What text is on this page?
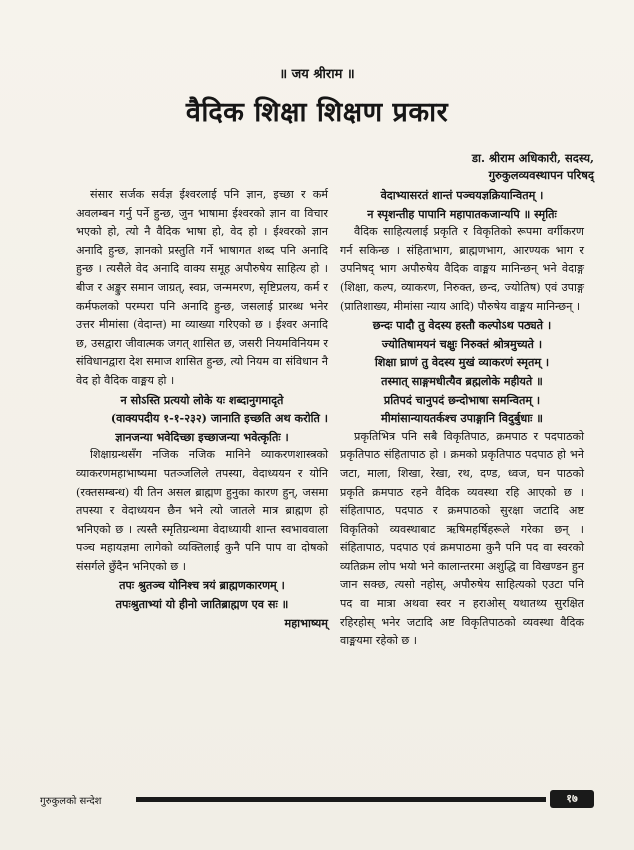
॥ जय श्रीराम ॥
वैदिक शिक्षा शिक्षण प्रकार
डा. श्रीराम अधिकारी, सदस्य,
गुरुकुलव्यवस्थापन परिषद्

संसार सर्जक सर्वज्ञ ईश्वरलाई पनि ज्ञान, इच्छा र कर्म अवलम्बन गर्नु पर्ने हुन्छ, जुन भाषामा ईश्वरको ज्ञान वा विचार भएको हो, त्यो नै वैदिक भाषा हो, वेद हो । ईश्वरको ज्ञान अनादि हुन्छ, ज्ञानको प्रस्तुति गर्ने भाषागत शब्द पनि अनादि हुन्छ । त्यसैले वेद अनादि वाक्य समूह अपौरुषेय साहित्य हो । बीज र अङ्कुर समान जाग्रत्, स्वप्न, जन्ममरण, सृष्टिप्रलय, कर्म र कर्मफलको परम्परा पनि अनादि हुन्छ, जसलाई प्रारब्ध भनेर उत्तर मीमांसा (वेदान्त) मा व्याख्या गरिएको छ । ईश्वर अनादि छ, उसद्वारा जीवात्मक जगत् शासित छ, जसरी नियमविनियम र संविधानद्वारा देश समाज शासित हुन्छ, त्यो नियम वा संविधान नै वेद हो वैदिक वाङ्मय हो ।

न सोऽस्ति प्रत्ययो लोके यः शब्दानुगमादृते

(वाक्यपदीय १-१-२३२) जानाति इच्छति अथ करोति ।

ज्ञानजन्या भवेदिच्छा इच्छाजन्या भवेत्कृतिः ।

शिक्षाग्रन्थसँग नजिक नजिक मानिने व्याकरणशास्त्रको व्याकरणमहाभाष्यमा पतञ्जलिले तपस्या, वेदाध्ययन र योनि (रक्तसम्बन्ध) यी तिन असल ब्राह्मण हुनुका कारण हुन्, जसमा तपस्या र वेदाध्ययन छैन भने त्यो जातले मात्र ब्राह्मण हो भनिएको छ । त्यस्तै स्मृतिग्रन्थमा वेदाध्यायी शान्त स्वभाववाला पञ्च महायज्ञमा लागेको व्यक्तिलाई कुनै पनि पाप वा दोषको संसर्गले छुँदैन भनिएको छ ।

तपः श्रुतञ्च योनिश्च त्रयं ब्राह्मणकारणम् ।

तपःश्रुताभ्यां यो हीनो जातिब्राह्मण एव सः ॥

महाभाष्यम्

वेदाभ्यासरतं शान्तं पञ्चयज्ञक्रियान्वितम् ।

न स्पृशन्तीह पापानि महापातकजान्यपि ॥ स्मृतिः

वैदिक साहित्यलाई प्रकृति र विकृतिको रूपमा वर्गीकरण गर्न सकिन्छ । संहिताभाग, ब्राह्मणभाग, आरण्यक भाग र उपनिषद् भाग अपौरुषेय वैदिक वाङ्मय मानिन्छन् भने वेदाङ्ग (शिक्षा, कल्प, व्याकरण, निरुक्त, छन्द, ज्योतिष) एवं उपाङ्ग (प्रातिशाख्य, मीमांसा न्याय आदि) पौरुषेय वाङ्मय मानिन्छन् ।

छन्दः पादौ तु वेदस्य हस्तौ कल्पोऽथ पठ्यते ।

ज्योतिषामयनं चक्षुः निरुक्तं श्रोत्रमुच्यते ।

शिक्षा घ्राणं तु वेदस्य मुखं व्याकरणं स्मृतम् ।

तस्मात् साङ्गमधीत्यैव ब्रह्मलोके महीयते ॥

प्रतिपदं चानुपदं छन्दोभाषा समन्वितम् ।

मीमांसान्यायतर्कश्च उपाङ्गानि विदुर्बुधाः ॥

प्रकृतिभित्र पनि सबै विकृतिपाठ, क्रमपाठ र पदपाठको प्रकृतिपाठ संहितापाठ हो । क्रमको प्रकृतिपाठ पदपाठ हो भने जटा, माला, शिखा, रेखा, रथ, दण्ड, ध्वज, घन पाठको प्रकृति क्रमपाठ रहने वैदिक व्यवस्था रहि आएको छ । संहितापाठ, पदपाठ र क्रमपाठको सुरक्षा जटादि अष्ट विकृतिको व्यवस्थाबाट ऋषिमहर्षिहरूले गरेका छन् । संहितापाठ, पदपाठ एवं क्रमपाठमा कुनै पनि पद वा स्वरको व्यतिक्रम लोप भयो भने कालान्तरमा अशुद्धि वा विखण्डन हुन जान सक्छ, त्यसो नहोस्, अपौरुषेय साहित्यको एउटा पनि पद वा मात्रा अथवा स्वर न हराओस् यथातथ्य सुरक्षित रहिरहोस् भनेर जटादि अष्ट विकृतिपाठको व्यवस्था वैदिक वाङ्मयमा रहेको छ ।

गुरुकुलको सन्देश	१७
